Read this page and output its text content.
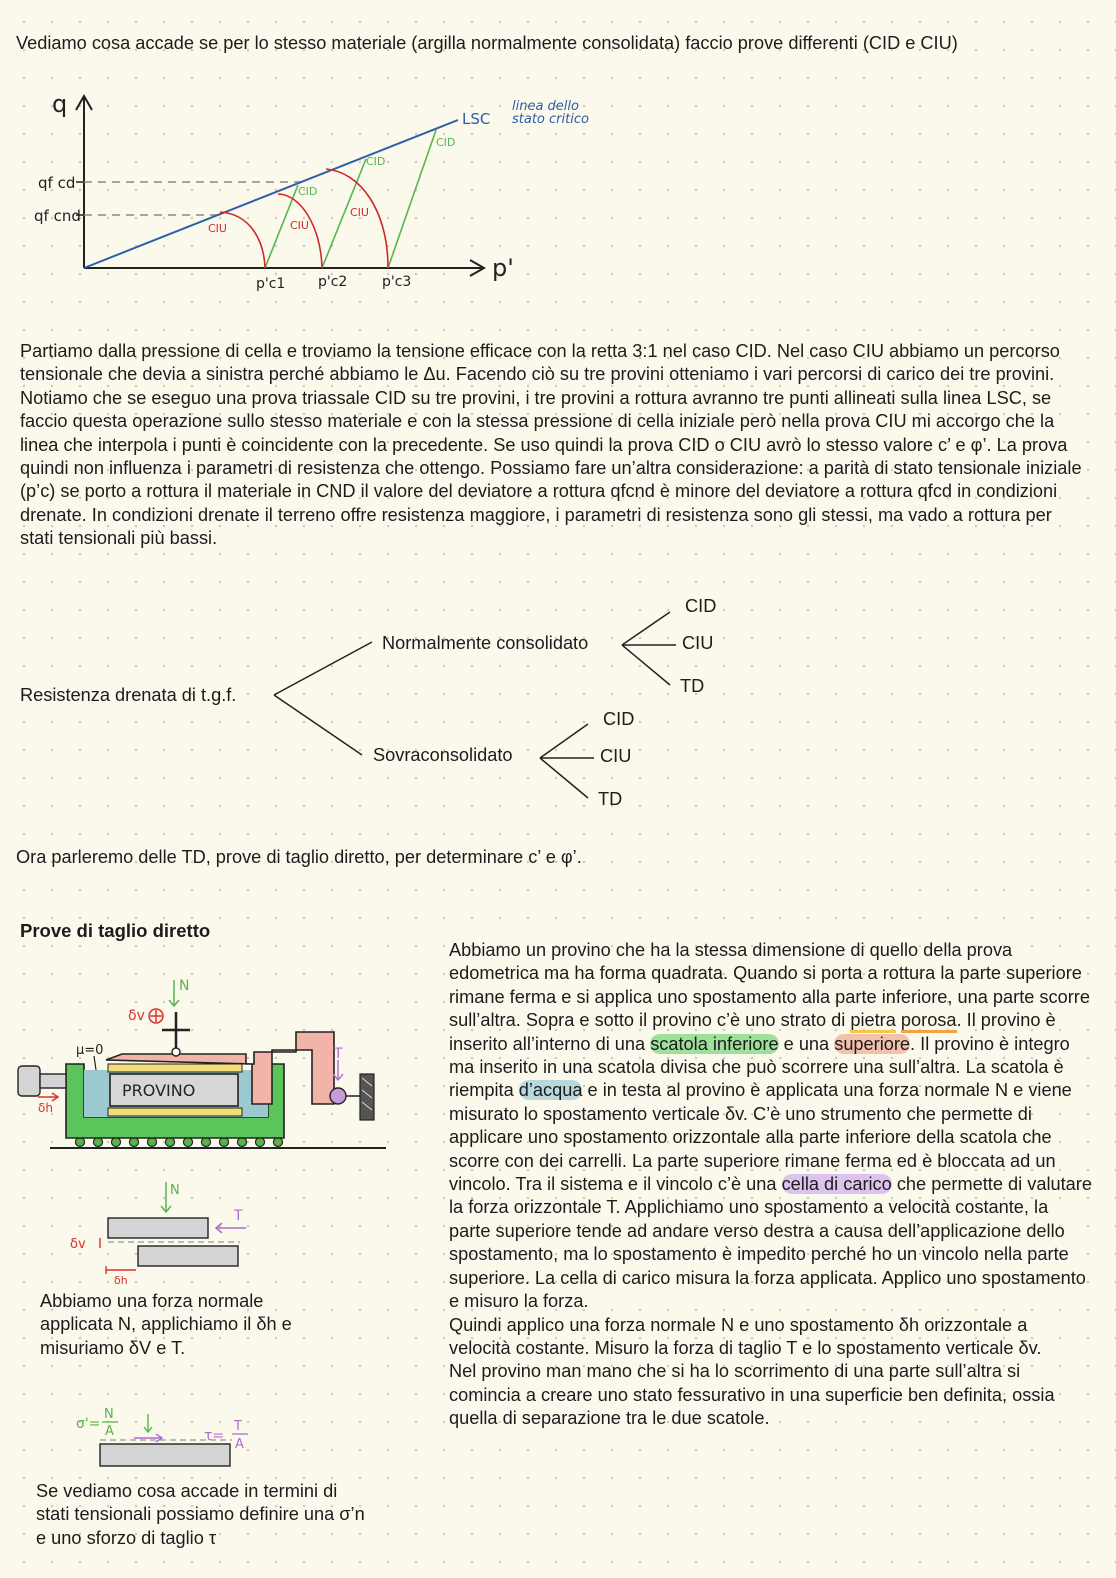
Vediamo cosa accade se per lo stesso materiale (argilla normalmente consolidata) faccio prove differenti (CID e CIU)
q
p'
qf cd
qf cnd
LSC
linea dello
stato critico
CID
CID
CID
CIU	CIU
CIU
p'c1 p'c2 p'c3
Partiamo dalla pressione di cella e troviamo la tensione efficace con la retta 3:1 nel caso CID. Nel caso CIU abbiamo un percorso tensionale che devia a sinistra perché abbiamo le Δu. Facendo ciò su tre provini otteniamo i vari percorsi di carico dei tre provini. Notiamo che se eseguo una prova triassale CID su tre provini, i tre provini a rottura avranno tre punti allineati sulla linea LSC, se faccio questa operazione sullo stesso materiale e con la stessa pressione di cella iniziale però nella prova CIU mi accorgo che la linea che interpola i punti è coincidente con la precedente. Se uso quindi la prova CID o CIU avrò lo stesso valore c’ e φ’. La prova quindi non influenza i parametri di resistenza che ottengo. Possiamo fare un’altra considerazione: a parità di stato tensionale iniziale (p’c) se porto a rottura il materiale in CND il valore del deviatore a rottura qfcnd è minore del deviatore a rottura qfcd in condizioni drenate. In condizioni drenate il terreno offre resistenza maggiore, i parametri di resistenza sono gli stessi, ma vado a rottura per stati tensionali più bassi.
Resistenza drenata di t.g.f.
Normalmente consolidato
CID
CIU
TD
Sovraconsolidato
CID
CIU
TD
Ora parleremo delle TD, prove di taglio diretto, per determinare c’ e φ’.
Prove di taglio diretto
PROVINO
δh
μ=0
N
δv
T
N
T
δv
δh
Abbiamo una forza normale applicata N, applichiamo il δh e misuriamo δV e T.
σ'=
N
A	τ=
T
A
Se vediamo cosa accade in termini di stati tensionali possiamo definire una σ’n e uno sforzo di taglio τ

Abbiamo un provino che ha la stessa dimensione di quello della prova edometrica ma ha forma quadrata. Quando si porta a rottura la parte superiore rimane ferma e si applica uno spostamento alla parte inferiore, una parte scorre sull’altra. Sopra e sotto il provino c’è uno strato di pietra porosa. Il provino è inserito all’interno di una scatola inferiore e una superiore. Il provino è integro ma inserito in una scatola divisa che può scorrere una sull’altra. La scatola è riempita d’acqua e in testa al provino è applicata una forza normale N e viene misurato lo spostamento verticale δv. C’è uno strumento che permette di applicare uno spostamento orizzontale alla parte inferiore della scatola che scorre con dei carrelli. La parte superiore rimane ferma ed è bloccata ad un vincolo. Tra il sistema e il vincolo c’è una cella di carico che permette di valutare la forza orizzontale T. Applichiamo uno spostamento a velocità costante, la parte superiore tende ad andare verso destra a causa dell’applicazione dello spostamento, ma lo spostamento è impedito perché ho un vincolo nella parte superiore. La cella di carico misura la forza applicata. Applico uno spostamento e misuro la forza.

Quindi applico una forza normale N e uno spostamento δh orizzontale a velocità costante. Misuro la forza di taglio T e lo spostamento verticale δv.

Nel provino man mano che si ha lo scorrimento di una parte sull’altra si comincia a creare uno stato fessurativo in una superficie ben definita, ossia quella di separazione tra le due scatole.
